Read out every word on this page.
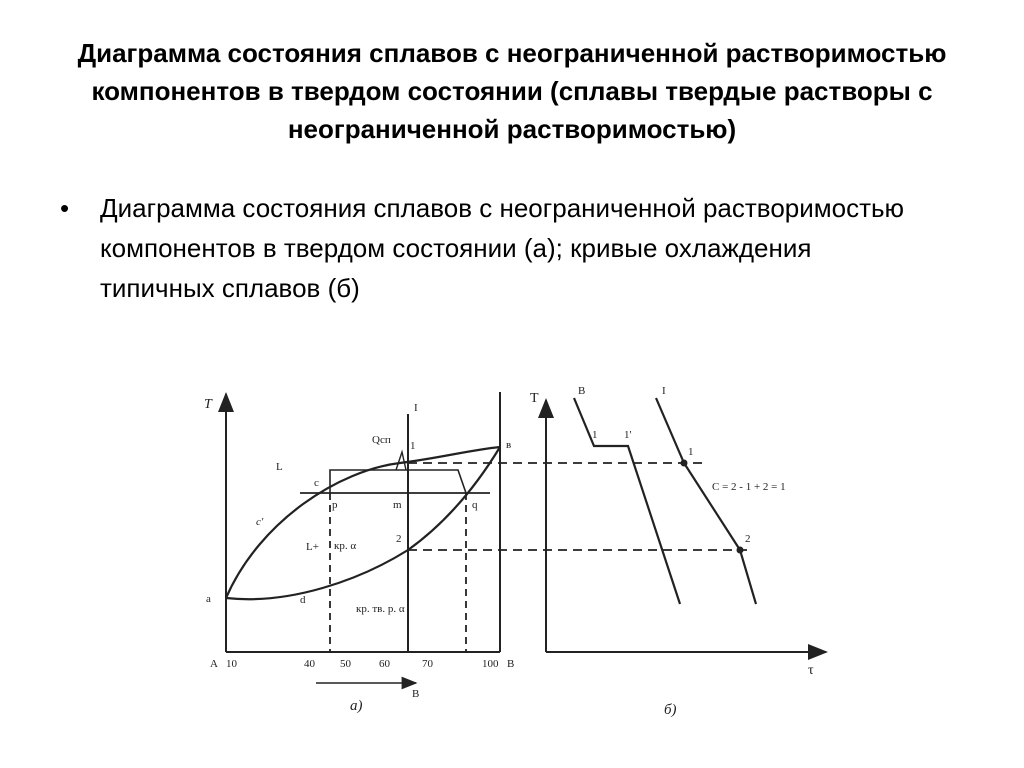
Диаграмма состояния сплавов с неограниченной растворимостью компонентов в твердом состоянии (сплавы твердые растворы с неограниченной растворимостью)
• Диаграмма состояния сплавов с неограниченной растворимостью компонентов в твердом состоянии (а); кривые охлаждения типичных сплавов (б)
T
a
в
c
c'
d
p	m	q
1
2
I
Qcп
L
L+ кр. α
кр. тв. р. α
A 10	40 50	60	70	100 B
B
а)
T
τ
B
1 1'
I
1
2
C = 2 - 1 + 2 = 1
б)
